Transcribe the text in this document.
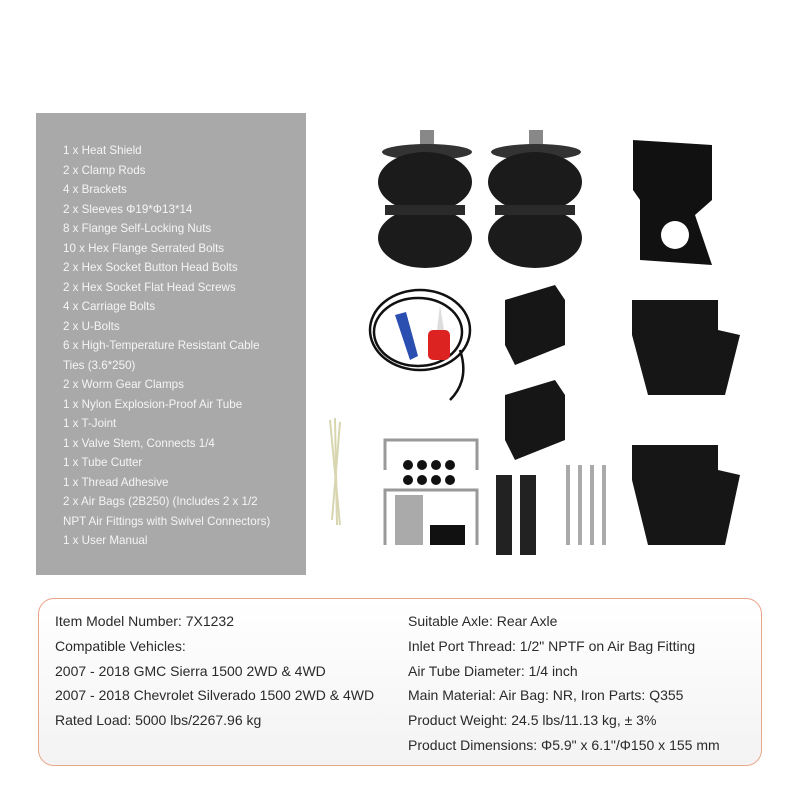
1 x Heat Shield
2 x Clamp Rods
4 x Brackets
2 x Sleeves Φ19*Φ13*14
8 x Flange Self-Locking Nuts
10 x Hex Flange Serrated Bolts
2 x Hex Socket Button Head Bolts
2 x Hex Socket Flat Head Screws
4 x Carriage Bolts
2 x U-Bolts
6 x High-Temperature Resistant Cable
Ties (3.6*250)
2 x Worm Gear Clamps
1 x Nylon Explosion-Proof Air Tube
1 x T-Joint
1 x Valve Stem, Connects 1/4
1 x Tube Cutter
1 x Thread Adhesive
2 x Air Bags (2B250) (Includes 2 x 1/2
NPT Air Fittings with Swivel Connectors)
1 x User Manual
Item Model Number: 7X1232
Compatible Vehicles:
2007 - 2018 GMC Sierra 1500 2WD & 4WD
2007 - 2018 Chevrolet Silverado 1500 2WD & 4WD
Rated Load: 5000 lbs/2267.96 kg
Suitable Axle: Rear Axle
Inlet Port Thread: 1/2" NPTF on Air Bag Fitting
Air Tube Diameter: 1/4 inch
Main Material: Air Bag: NR, Iron Parts: Q355
Product Weight: 24.5 lbs/11.13 kg, ± 3%
Product Dimensions: Φ5.9" x 6.1"/Φ150 x 155 mm
